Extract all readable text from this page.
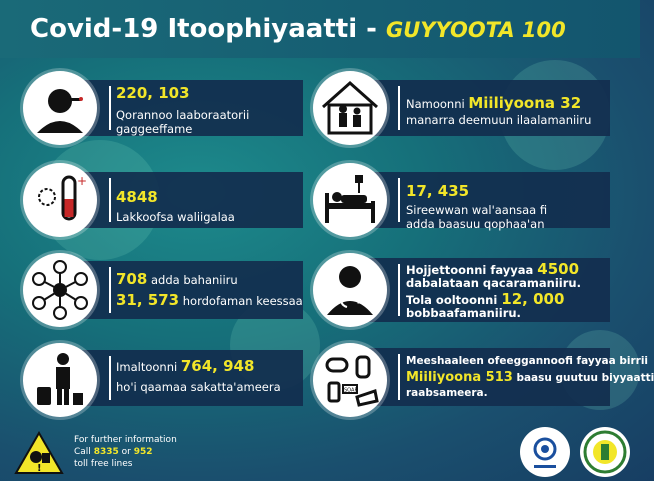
Covid-19 Itoophiyaatti - GUYYOOTA 100
220, 103
Qorannoo laaboraatorii
gaggeeffame
+
4848
Lakkoofsa waliigalaa
708 adda bahaniiru
31, 573 hordofaman keessaa
Imaltoonni 764, 948
ho'i qaamaa sakatta'ameera
Namoonni Miiliyoona 32
manarra deemuun ilaalamaniiru
17, 435
Sireewwan wal'aansaa fi
adda baasuu qophaa'an
Hojjettoonni fayyaa 4500
dabalataan qacaramaniiru.
Tola ooltoonni 12, 000
bobbaafamaniiru.
SOAP
Meeshaaleen ofeeggannoofi fayyaa birrii
Miiliyoona 513 baasu guutuu biyyaatti
raabsameera.
!
For further information
Call 8335 or 952
toll free lines
